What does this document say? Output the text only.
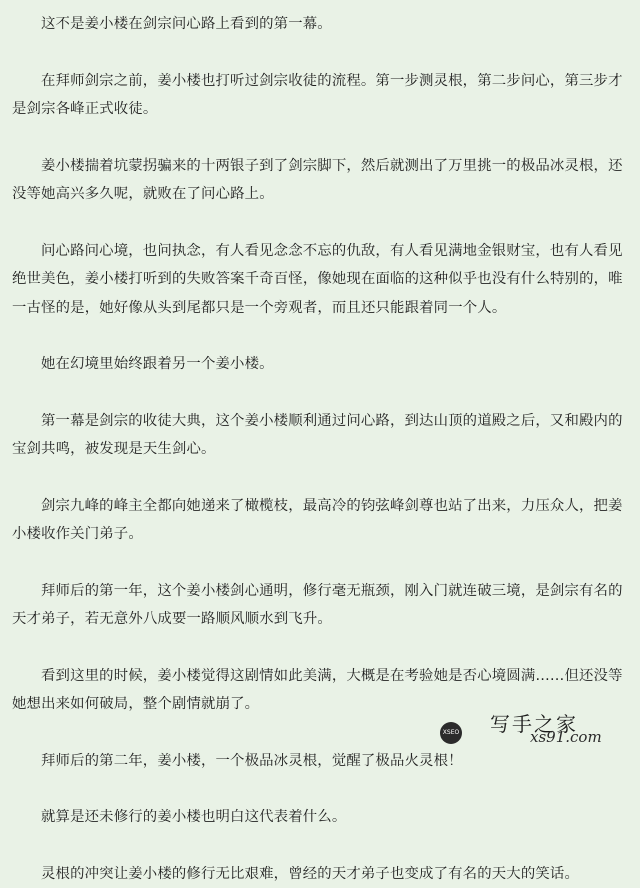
这不是姜小楼在剑宗问心路上看到的第一幕。

在拜师剑宗之前，姜小楼也打听过剑宗收徒的流程。第一步测灵根，第二步问心，第三步才是剑宗各峰正式收徒。

姜小楼揣着坑蒙拐骗来的十两银子到了剑宗脚下，然后就测出了万里挑一的极品冰灵根，还没等她高兴多久呢，就败在了问心路上。

问心路问心境，也问执念，有人看见念念不忘的仇敌，有人看见满地金银财宝，也有人看见绝世美色，姜小楼打听到的失败答案千奇百怪，像她现在面临的这种似乎也没有什么特别的，唯一古怪的是，她好像从头到尾都只是一个旁观者，而且还只能跟着同一个人。

她在幻境里始终跟着另一个姜小楼。

第一幕是剑宗的收徒大典，这个姜小楼顺利通过问心路，到达山顶的道殿之后，又和殿内的宝剑共鸣，被发现是天生剑心。

剑宗九峰的峰主全都向她递来了橄榄枝，最高冷的钧弦峰剑尊也站了出来，力压众人，把姜小楼收作关门弟子。

拜师后的第一年，这个姜小楼剑心通明，修行毫无瓶颈，刚入门就连破三境，是剑宗有名的天才弟子，若无意外八成要一路顺风顺水到飞升。

看到这里的时候，姜小楼觉得这剧情如此美满，大概是在考验她是否心境圆满……但还没等她想出来如何破局，整个剧情就崩了。

拜师后的第二年，姜小楼，一个极品冰灵根，觉醒了极品火灵根！

就算是还未修行的姜小楼也明白这代表着什么。

灵根的冲突让姜小楼的修行无比艰难，曾经的天才弟子也变成了有名的天大的笑话。

XSEO 写手之家
xs91.com
